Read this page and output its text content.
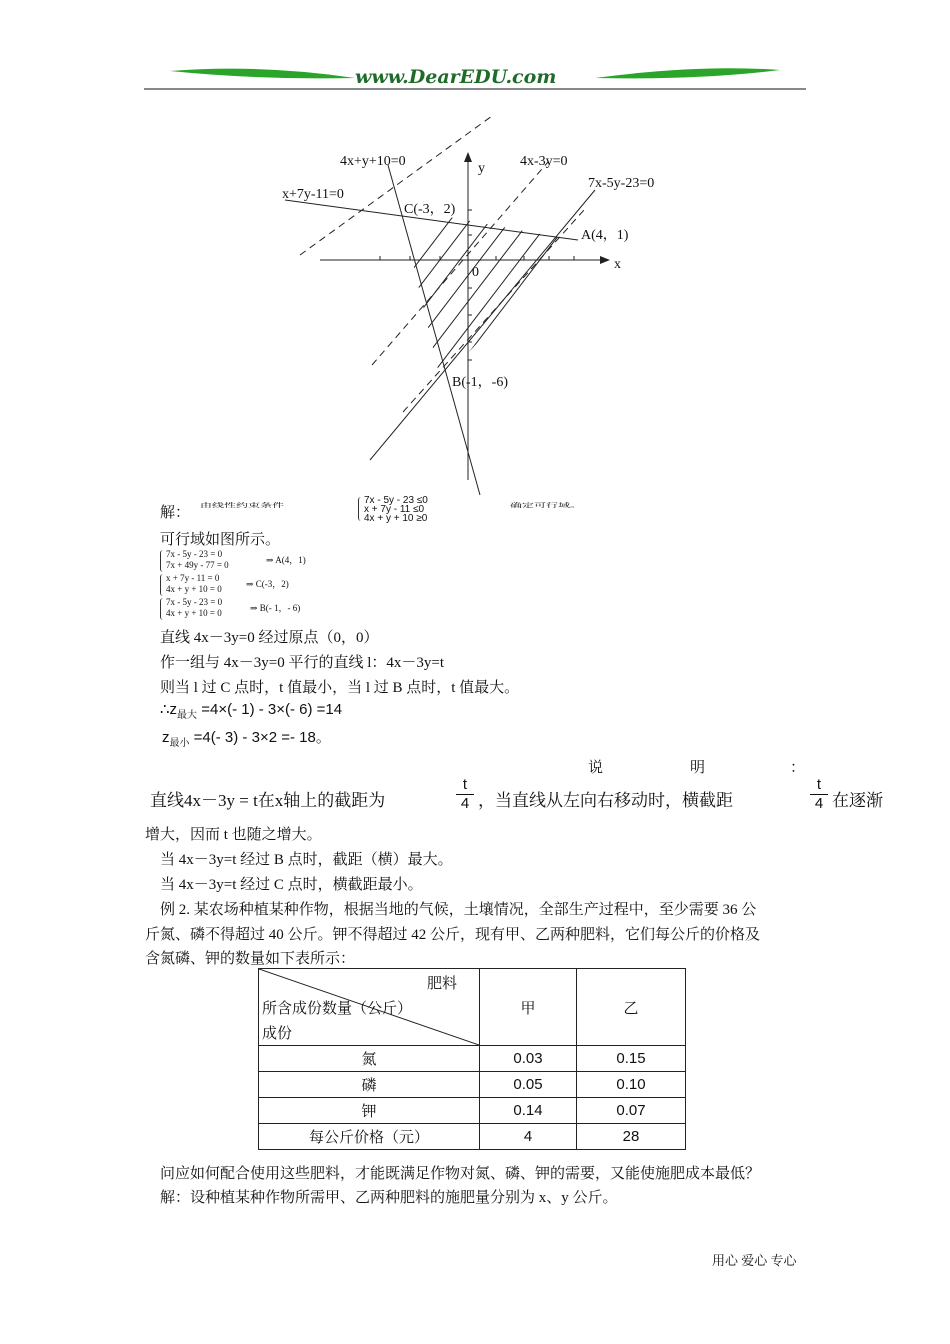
www.DearEDU.com
4x+y+10=0	4x-3y=0
7x-5y-23=0
x+7y-11=0
y
x
0
C(-3，2)
A(4，1)
B(-1，-6)
解： 由线性约束条件	7x - 5y - 23 ≤0
x + 7y - 11 ≤0
4x + y + 10 ≥0
确定可行域。
可行域如图所示。
7x - 5y - 23 = 0
7x + 49y - 77 = 0	⇒ A(4，1)
x + 7y - 11 = 0
4x + y + 10 = 0	⇒ C(-3，2)
7x - 5y - 23 = 0
4x + y + 10 = 0	⇒ B(- 1，- 6)
直线 4x－3y=0 经过原点（0，0）
作一组与 4x－3y=0 平行的直线 l：4x－3y=t
则当 l 过 C 点时，t 值最小，当 l 过 B 点时，t 值最大。
$\therefore z_{最大} =4\times(-$ 1) - 3×(- 6) =14
$z_{最小} =4(-$ 3) - 3×2 =- 18。
说	明	：
直线4x－3y = t在x轴上的截距为	$\frac{t}{4}$ ，当直线从左向右移动时，横截距	$\frac{t}{4}$ 在逐渐
增大，因而 t 也随之增大。
当 4x－3y=t 经过 B 点时，截距（横）最大。
当 4x－3y=t 经过 C 点时，横截距最小。
例 2. 某农场种植某种作物，根据当地的气候，土壤情况，全部生产过程中，至少需要 36 公
斤氮、磷不得超过 40 公斤。钾不得超过 42 公斤，现有甲、乙两种肥料，它们每公斤的价格及
含氮磷、钾的数量如下表所示：
肥料
所含成份数量（公斤）
成份	甲	乙
氮	0.03	0.15
磷	0.05	0.10
钾	0.14	0.07
每公斤价格（元）	4	28
问应如何配合使用这些肥料，才能既满足作物对氮、磷、钾的需要，又能使施肥成本最低？
解：设种植某种作物所需甲、乙两种肥料的施肥量分别为 x、y 公斤。
用心 爱心 专心
